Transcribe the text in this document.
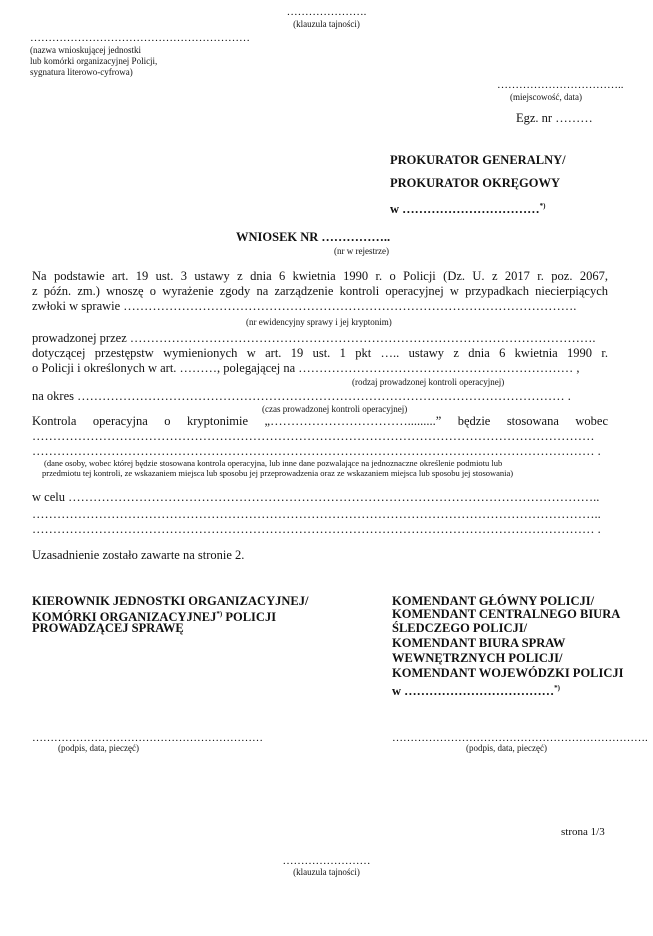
………………….
(klauzula tajności)
……………………………………………………
(nazwa wnioskującej jednostki
lub komórki organizacyjnej Policji,
sygnatura literowo-cyfrowa)
……………………………..
(miejscowość, data)
Egz. nr ………
PROKURATOR GENERALNY/
PROKURATOR OKRĘGOWY
w ……………………………*)
WNIOSEK NR ……………..
(nr w rejestrze)
Na podstawie art. 19 ust. 3 ustawy z dnia 6 kwietnia 1990 r. o Policji (Dz. U. z 2017 r. poz. 2067,
z późn. zm.) wnoszę o wyrażenie zgody na zarządzenie kontroli operacyjnej w przypadkach niecierpiących
zwłoki w sprawie ……………………………………………………………………………………………….
(nr ewidencyjny sprawy i jej kryptonim)
prowadzonej przez ………………………………………………………………………………………………….
dotyczącej przestępstw wymienionych w art. 19 ust. 1 pkt ….. ustawy z dnia 6 kwietnia 1990 r.
o Policji i określonych w art. ………, polegającej na ………………………………………………………… ,
(rodzaj prowadzonej kontroli operacyjnej)
na okres ……………………………………………………………………………………………………… .
(czas prowadzonej kontroli operacyjnej)
Kontrola operacyjna o kryptonimie „…………………………….........” będzie stosowana wobec
………………………………………………………………………………………………………………………
……………………………………………………………………………………………………………………… .
(dane osoby, wobec której będzie stosowana kontrola operacyjna, lub inne dane pozwalające na jednoznaczne określenie podmiotu lub
przedmiotu tej kontroli, ze wskazaniem miejsca lub sposobu jej przeprowadzenia oraz ze wskazaniem miejsca lub sposobu jej stosowania)
w celu ………………………………………………………………………………………………………………..
………………………………………………………………………………………………………………………..
……………………………………………………………………………………………………………………… .
Uzasadnienie zostało zawarte na stronie 2.
KIEROWNIK JEDNOSTKI ORGANIZACYJNEJ/
KOMÓRKI ORGANIZACYJNEJ*) POLICJI
PROWADZĄCEJ SPRAWĘ
………………………………………………………
(podpis, data, pieczęć)
KOMENDANT GŁÓWNY POLICJI/
KOMENDANT CENTRALNEGO BIURA
ŚLEDCZEGO POLICJI/
KOMENDANT BIURA SPRAW
WEWNĘTRZNYCH POLICJI/
KOMENDANT WOJEWÓDZKI POLICJI
w ………………………………*)
…………………………………………………………….
(podpis, data, pieczęć)
strona 1/3
……………………
(klauzula tajności)
